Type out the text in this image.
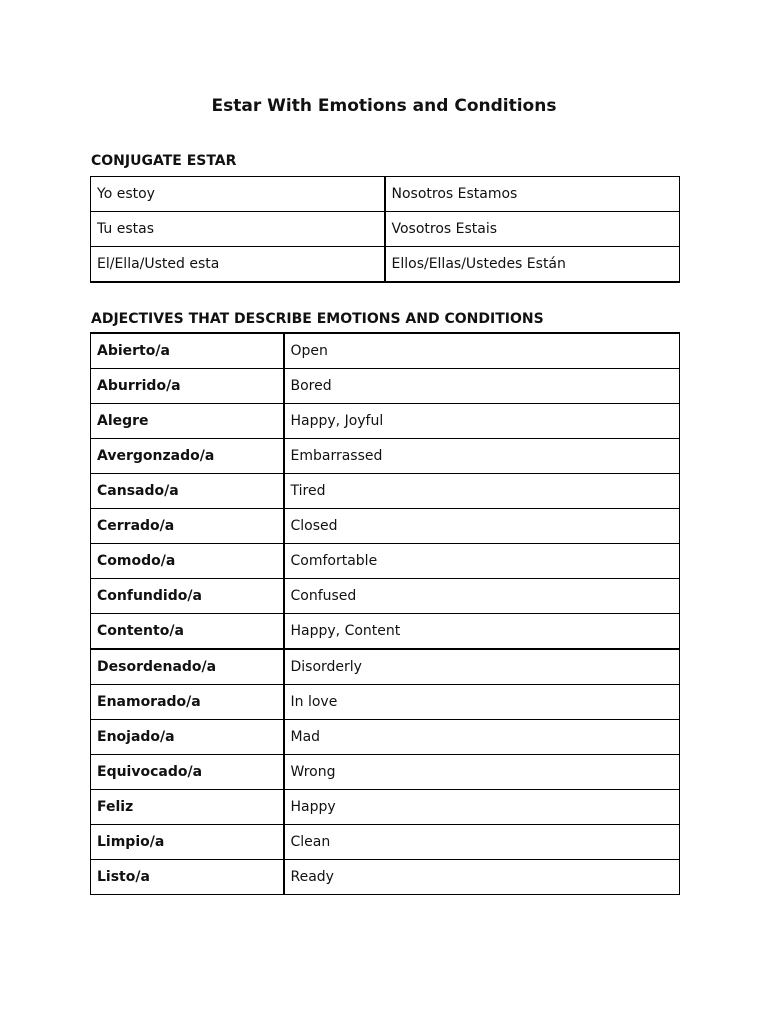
Estar With Emotions and Conditions
CONJUGATE ESTAR
Yo estoy	Nosotros Estamos
Tu estas	Vosotros Estais
El/Ella/Usted esta	Ellos/Ellas/Ustedes Están
ADJECTIVES THAT DESCRIBE EMOTIONS AND CONDITIONS
Abierto/a	Open
Aburrido/a	Bored
Alegre	Happy, Joyful
Avergonzado/a	Embarrassed
Cansado/a	Tired
Cerrado/a	Closed
Comodo/a	Comfortable
Confundido/a	Confused
Contento/a	Happy, Content
Desordenado/a	Disorderly
Enamorado/a	In love
Enojado/a	Mad
Equivocado/a	Wrong
Feliz	Happy
Limpio/a	Clean
Listo/a	Ready
